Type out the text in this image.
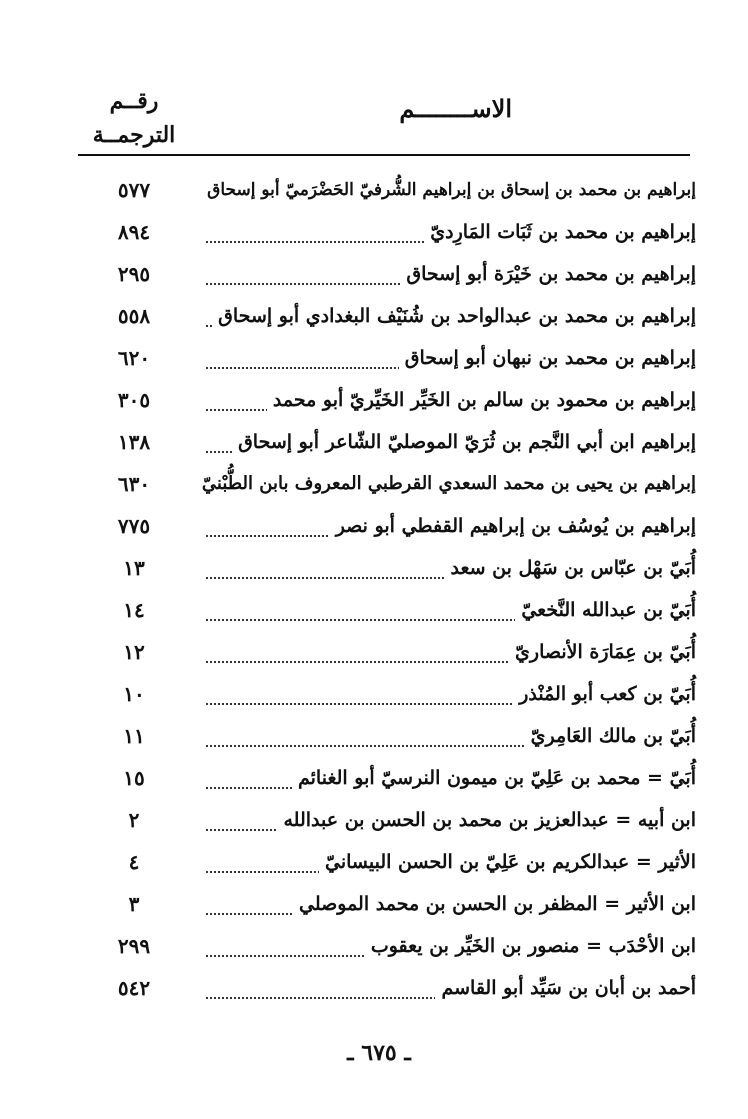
الاســــــــم
رقــم
الترجمــة
إبراهيم بن محمد بن إسحاق بن إبراهيم الشُّرفيّ الحَضْرَميّ أبو إسحاق
٥٧٧
إبراهيم بن محمد بن ثَبَات المَارِديّ
٨٩٤
إبراهيم بن محمد بن خَيْرَة أبو إسحاق
٢٩٥
إبراهيم بن محمد بن عبدالواحد بن شُنَيْف البغدادي أبو إسحاق
٥٥٨
إبراهيم بن محمد بن نبهان أبو إسحاق
٦٢٠
إبراهيم بن محمود بن سالم بن الخَيِّر الخَيِّريّ أبو محمد
٣٠٥
إبراهيم ابن أبي النَّجم بن ثُرَيّ الموصليّ الشّاعر أبو إسحاق
١٣٨
إبراهيم بن يحيى بن محمد السعدي القرطبي المعروف بابن الطُّبْنيّ
٦٣٠
إبراهيم بن يُوسُف بن إبراهيم القفطي أبو نصر
٧٧٥
أُبَيّ بن عبّاس بن سَهْل بن سعد
١٣
أُبَيّ بن عبدالله النَّخعيّ
١٤
أُبَيّ بن عِمَارَة الأنصاريّ
١٢
أُبَيّ بن كعب أبو المُنْذر
١٠
أُبَيّ بن مالك العَامِريّ
١١
أُبَيّ = محمد بن عَلِيّ بن ميمون النرسيّ أبو الغنائم
١٥
ابن أبيه = عبدالعزيز بن محمد بن الحسن بن عبدالله
٢
الأثير = عبدالكريم بن عَلِيّ بن الحسن البيسانيّ
٤
ابن الأثير = المظفر بن الحسن بن محمد الموصلي
٣
ابن الأحْدَب = منصور بن الخَيِّر بن يعقوب
٢٩٩
أحمد بن أبان بن سَيِّد أبو القاسم
٥٤٢
ـ ٦٧٥ ـ
